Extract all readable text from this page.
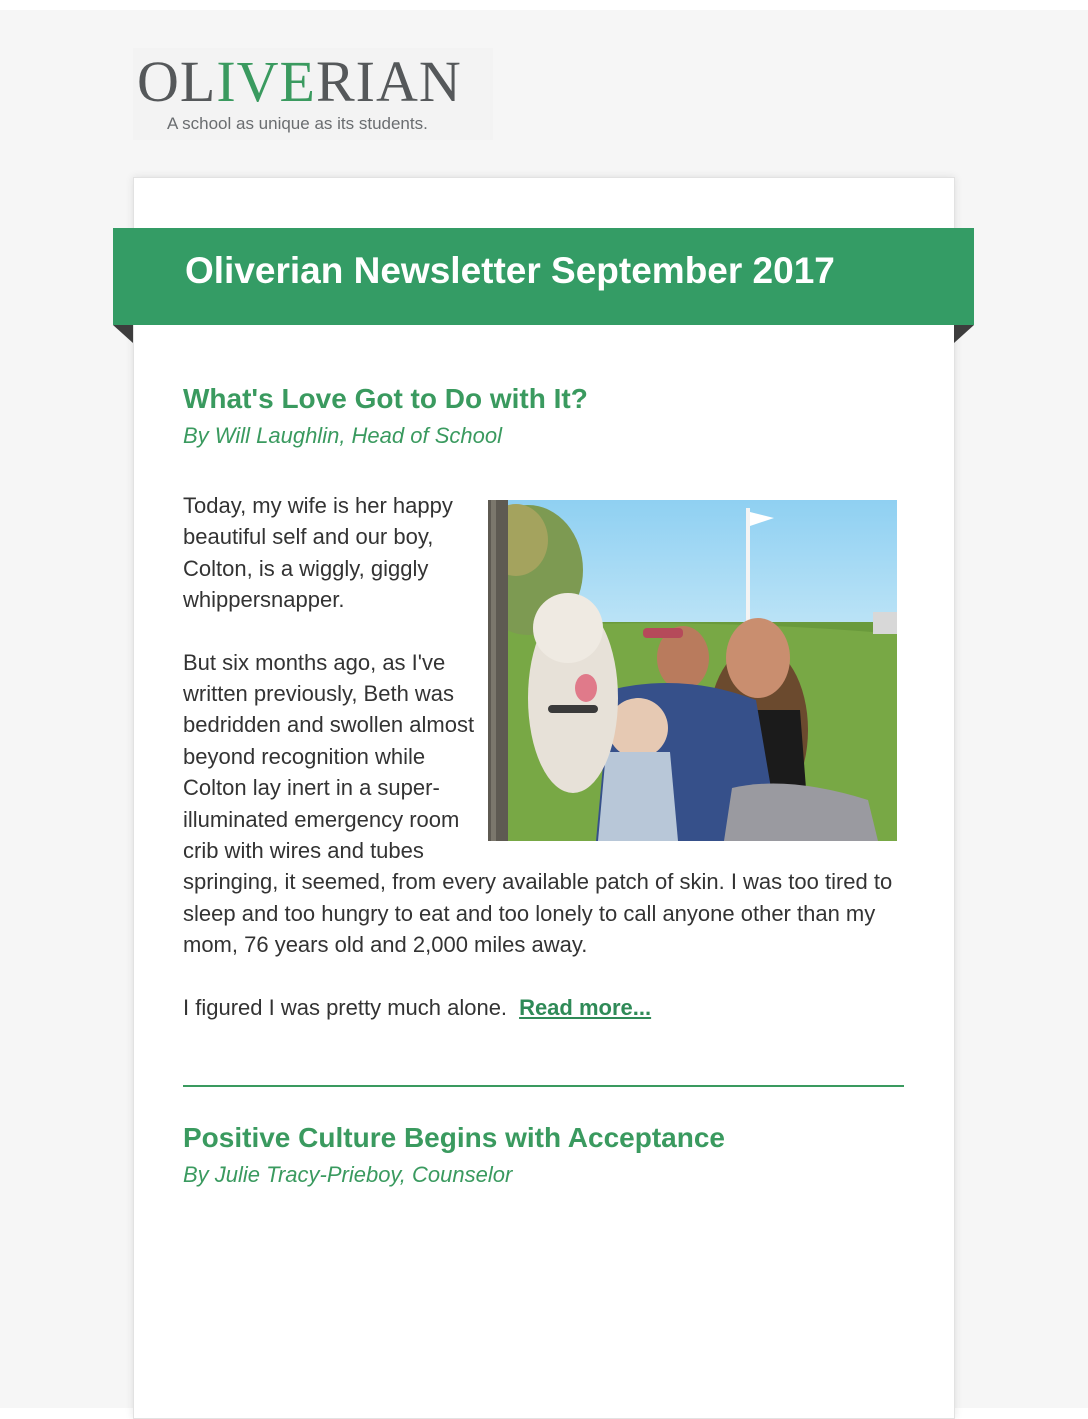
OLIVERIAN
A school as unique as its students.
Oliverian Newsletter September 2017
What's Love Got to Do with It?
By Will Laughlin, Head of School

Today, my wife is her happy beautiful self and our boy, Colton, is a wiggly, giggly whippersnapper.

But six months ago, as I've written previously, Beth was bedridden and swollen almost beyond recognition while Colton lay inert in a super-illuminated emergency room crib with wires and tubes springing, it seemed, from every available patch of skin. I was too tired to sleep and too hungry to eat and too lonely to call anyone other than my mom, 76 years old and 2,000 miles away.

I figured I was pretty much alone. Read more...

Positive Culture Begins with Acceptance
By Julie Tracy-Prieboy, Counselor
